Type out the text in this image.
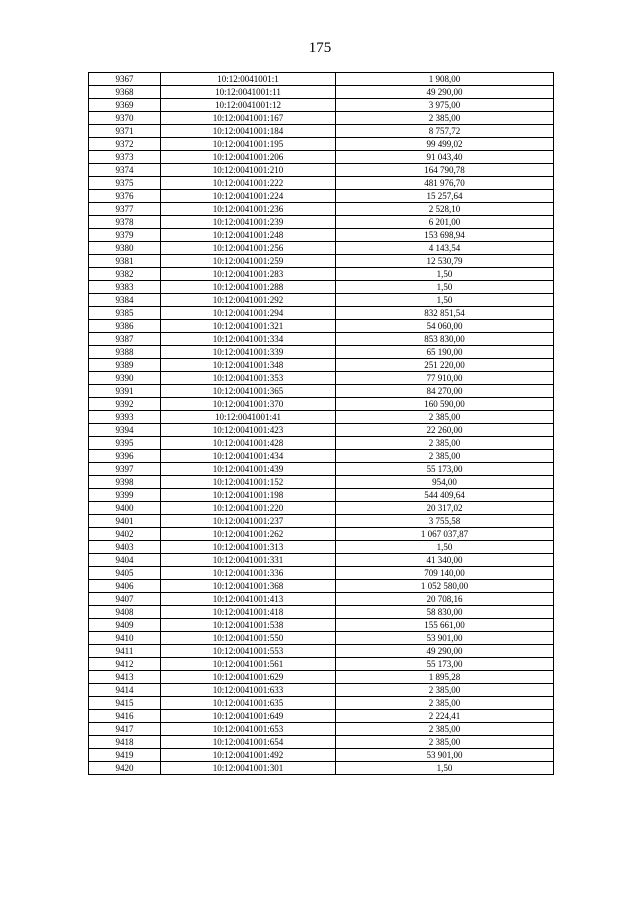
175
9367	10:12:0041001:1	1 908,00
9368	10:12:0041001:11	49 290,00
9369	10:12:0041001:12	3 975,00
9370	10:12:0041001:167	2 385,00
9371	10:12:0041001:184	8 757,72
9372	10:12:0041001:195	99 499,02
9373	10:12:0041001:206	91 043,40
9374	10:12:0041001:210	164 790,78
9375	10:12:0041001:222	481 976,70
9376	10:12:0041001:224	15 257,64
9377	10:12:0041001:236	2 528,10
9378	10:12:0041001:239	6 201,00
9379	10:12:0041001:248	153 698,94
9380	10:12:0041001:256	4 143,54
9381	10:12:0041001:259	12 530,79
9382	10:12:0041001:283	1,50
9383	10:12:0041001:288	1,50
9384	10:12:0041001:292	1,50
9385	10:12:0041001:294	832 851,54
9386	10:12:0041001:321	54 060,00
9387	10:12:0041001:334	853 830,00
9388	10:12:0041001:339	65 190,00
9389	10:12:0041001:348	251 220,00
9390	10:12:0041001:353	77 910,00
9391	10:12:0041001:365	84 270,00
9392	10:12:0041001:370	160 590,00
9393	10:12:0041001:41	2 385,00
9394	10:12:0041001:423	22 260,00
9395	10:12:0041001:428	2 385,00
9396	10:12:0041001:434	2 385,00
9397	10:12:0041001:439	55 173,00
9398	10:12:0041001:152	954,00
9399	10:12:0041001:198	544 409,64
9400	10:12:0041001:220	20 317,02
9401	10:12:0041001:237	3 755,58
9402	10:12:0041001:262	1 067 037,87
9403	10:12:0041001:313	1,50
9404	10:12:0041001:331	41 340,00
9405	10:12:0041001:336	709 140,00
9406	10:12:0041001:368	1 052 580,00
9407	10:12:0041001:413	20 708,16
9408	10:12:0041001:418	58 830,00
9409	10:12:0041001:538	155 661,00
9410	10:12:0041001:550	53 901,00
9411	10:12:0041001:553	49 290,00
9412	10:12:0041001:561	55 173,00
9413	10:12:0041001:629	1 895,28
9414	10:12:0041001:633	2 385,00
9415	10:12:0041001:635	2 385,00
9416	10:12:0041001:649	2 224,41
9417	10:12:0041001:653	2 385,00
9418	10:12:0041001:654	2 385,00
9419	10:12:0041001:492	53 901,00
9420	10:12:0041001:301	1,50
